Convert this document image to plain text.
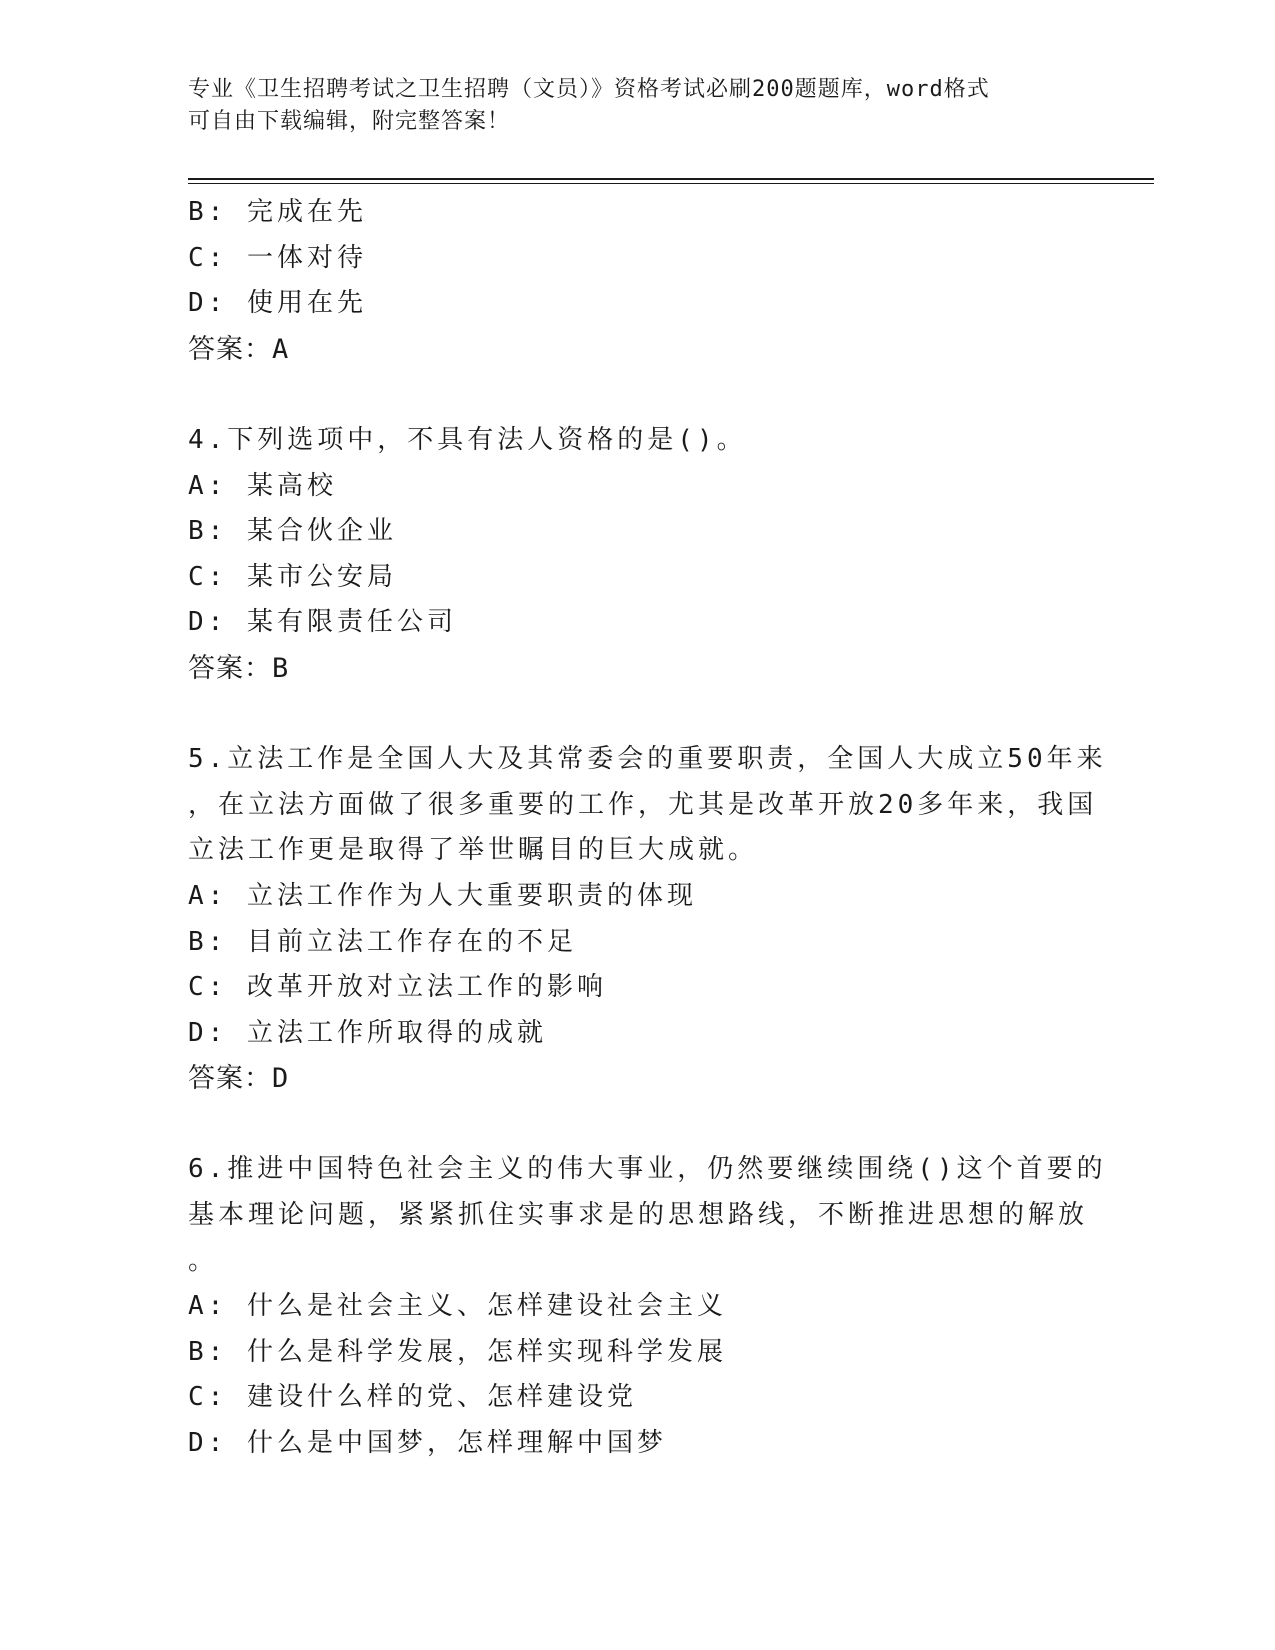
专业《卫生招聘考试之卫生招聘（文员）》资格考试必刷200题题库，word格式
可自由下载编辑，附完整答案！
B: 完成在先
C: 一体对待
D: 使用在先
答案：A
4.下列选项中，不具有法人资格的是()。
A: 某高校
B: 某合伙企业
C: 某市公安局
D: 某有限责任公司
答案：B
5.立法工作是全国人大及其常委会的重要职责，全国人大成立50年来
，在立法方面做了很多重要的工作，尤其是改革开放20多年来，我国
立法工作更是取得了举世瞩目的巨大成就。
A: 立法工作作为人大重要职责的体现
B: 目前立法工作存在的不足
C: 改革开放对立法工作的影响
D: 立法工作所取得的成就
答案：D
6.推进中国特色社会主义的伟大事业，仍然要继续围绕()这个首要的
基本理论问题，紧紧抓住实事求是的思想路线，不断推进思想的解放
。
A: 什么是社会主义、怎样建设社会主义
B: 什么是科学发展，怎样实现科学发展
C: 建设什么样的党、怎样建设党
D: 什么是中国梦，怎样理解中国梦
